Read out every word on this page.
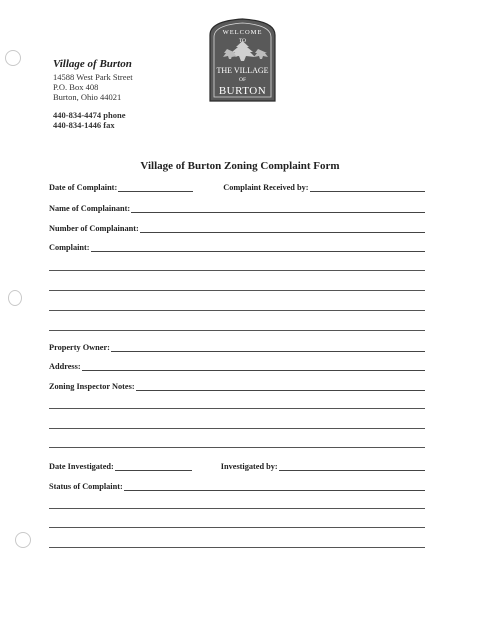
Village of Burton
14588 West Park Street
P.O. Box 408
Burton, Ohio 44021
440-834-4474 phone
440-834-1446 fax
WELCOME
TO
THE VILLAGE
OF
BURTON
Village of Burton Zoning Complaint Form
Date of Complaint:	Complaint Received by:
Name of Complainant:
Number of Complainant:
Complaint:
Property Owner:
Address:
Zoning Inspector Notes:
Date Investigated:	Investigated by:
Status of Complaint:
